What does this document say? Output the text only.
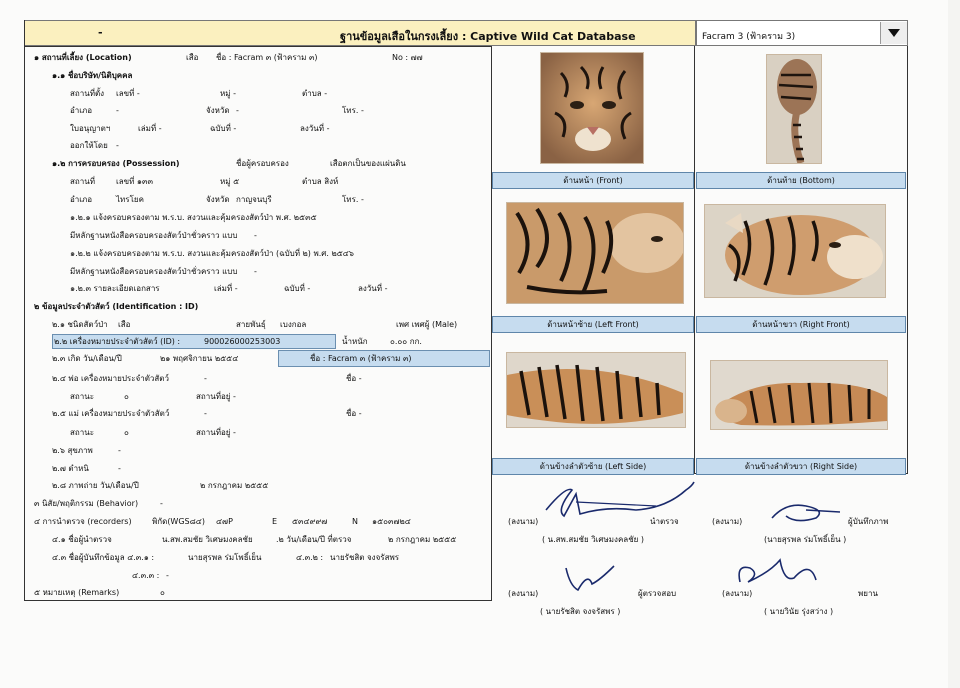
-	ฐานข้อมูลเสือในกรงเลี้ยง : Captive Wild Cat Database	Facram 3 (ฟ้าคราม 3)
๑ สถานที่เลี้ยง (Location)	เสือ ชื่อ : Facram ๓ (ฟ้าคราม ๓)	No : ๗๗
๑.๑ ชื่อบริษัท/นิติบุคคล
สถานที่ตั้ง เลขที่ -	หมู่ -	ตำบล -
อำเภอ	-	จังหวัด -	โทร. -
ใบอนุญาตฯ	เล่มที่ -	ฉบับที่ -	ลงวันที่ -
ออกให้โดย -
๑.๒ การครอบครอง (Possession)	ชื่อผู้ครอบครอง	เสือตกเป็นของแผ่นดิน
สถานที่	เลขที่ ๑๓๓	หมู่ ๕	ตำบล สิงห์
อำเภอ	ไทรโยค	จังหวัด กาญจนบุรี	โทร. -
๑.๒.๑ แจ้งครอบครองตาม พ.ร.บ. สงวนและคุ้มครองสัตว์ป่า พ.ศ. ๒๕๓๕
มีหลักฐานหนังสือครอบครองสัตว์ป่าชั่วคราว แบบ -
๑.๒.๒ แจ้งครอบครองตาม พ.ร.บ. สงวนและคุ้มครองสัตว์ป่า (ฉบับที่ ๒) พ.ศ. ๒๕๔๖
มีหลักฐานหนังสือครอบครองสัตว์ป่าชั่วคราว แบบ -
๑.๒.๓ รายละเอียดเอกสาร	เล่มที่ -	ฉบับที่ -	ลงวันที่ -
๒ ข้อมูลประจำตัวสัตว์ (Identification : ID)
๒.๑ ชนิดสัตว์ป่า เสือ	สายพันธุ์ เบงกอล	เพศ เพศผู้ (Male)
๒.๒ เครื่องหมายประจำตัวสัตว์ (ID) :	900026000253003	น้ำหนัก	๐.๐๐ กก.
๒.๓ เกิด วัน/เดือน/ปี	๒๑ พฤศจิกายน ๒๕๕๔	ชื่อ : Facram ๓ (ฟ้าคราม ๓)
๒.๔ พ่อ เครื่องหมายประจำตัวสัตว์	-	ชื่อ -
สถานะ	๐	สถานที่อยู่ -
๒.๕ แม่ เครื่องหมายประจำตัวสัตว์	-	ชื่อ -
สถานะ	๐	สถานที่อยู่ -
๒.๖ สุขภาพ	-
๒.๗ ตำหนิ	-
๒.๘ ภาพถ่าย วัน/เดือน/ปี	๒ กรกฎาคม ๒๕๕๕
๓ นิสัย/พฤติกรรม (Behavior)	-
๔ การนำตรวจ (recorders)	พิกัด(WGS๘๔) ๔๗P	E ๕๓๔๙๙๗	N ๑๕๐๓๗๒๔
๔.๑ ชื่อผู้นำตรวจ	น.สพ.สมชัย วิเศษมงคลชัย	.๒ วัน/เดือน/ปี ที่ตรวจ	๒ กรกฎาคม ๒๕๕๕
๔.๓ ชื่อผู้บันทึกข้อมูล ๔.๓.๑ :	นายสุรพล ร่มโพธิ์เย็น	๔.๓.๒ : นายรัชสิต จงจรัสพร
๔.๓.๓ : -
๕ หมายเหตุ (Remarks)	๐
ด้านหน้า (Front)	ด้านท้าย (Bottom)
ด้านหน้าซ้าย (Left Front)	ด้านหน้าขวา (Right Front)
ด้านข้างลำตัวซ้าย (Left Side)	ด้านข้างลำตัวขวา (Right Side)
(ลงนาม)	นำตรวจ
( น.สพ.สมชัย วิเศษมงคลชัย )
(ลงนาม)	ผู้บันทึกภาพ
(นายสุรพล ร่มโพธิ์เย็น )
(ลงนาม)	ผู้ตรวจสอบ
( นายรัชสิต จงจรัสพร )
(ลงนาม)	พยาน
( นายวินัย รุ่งสว่าง )
